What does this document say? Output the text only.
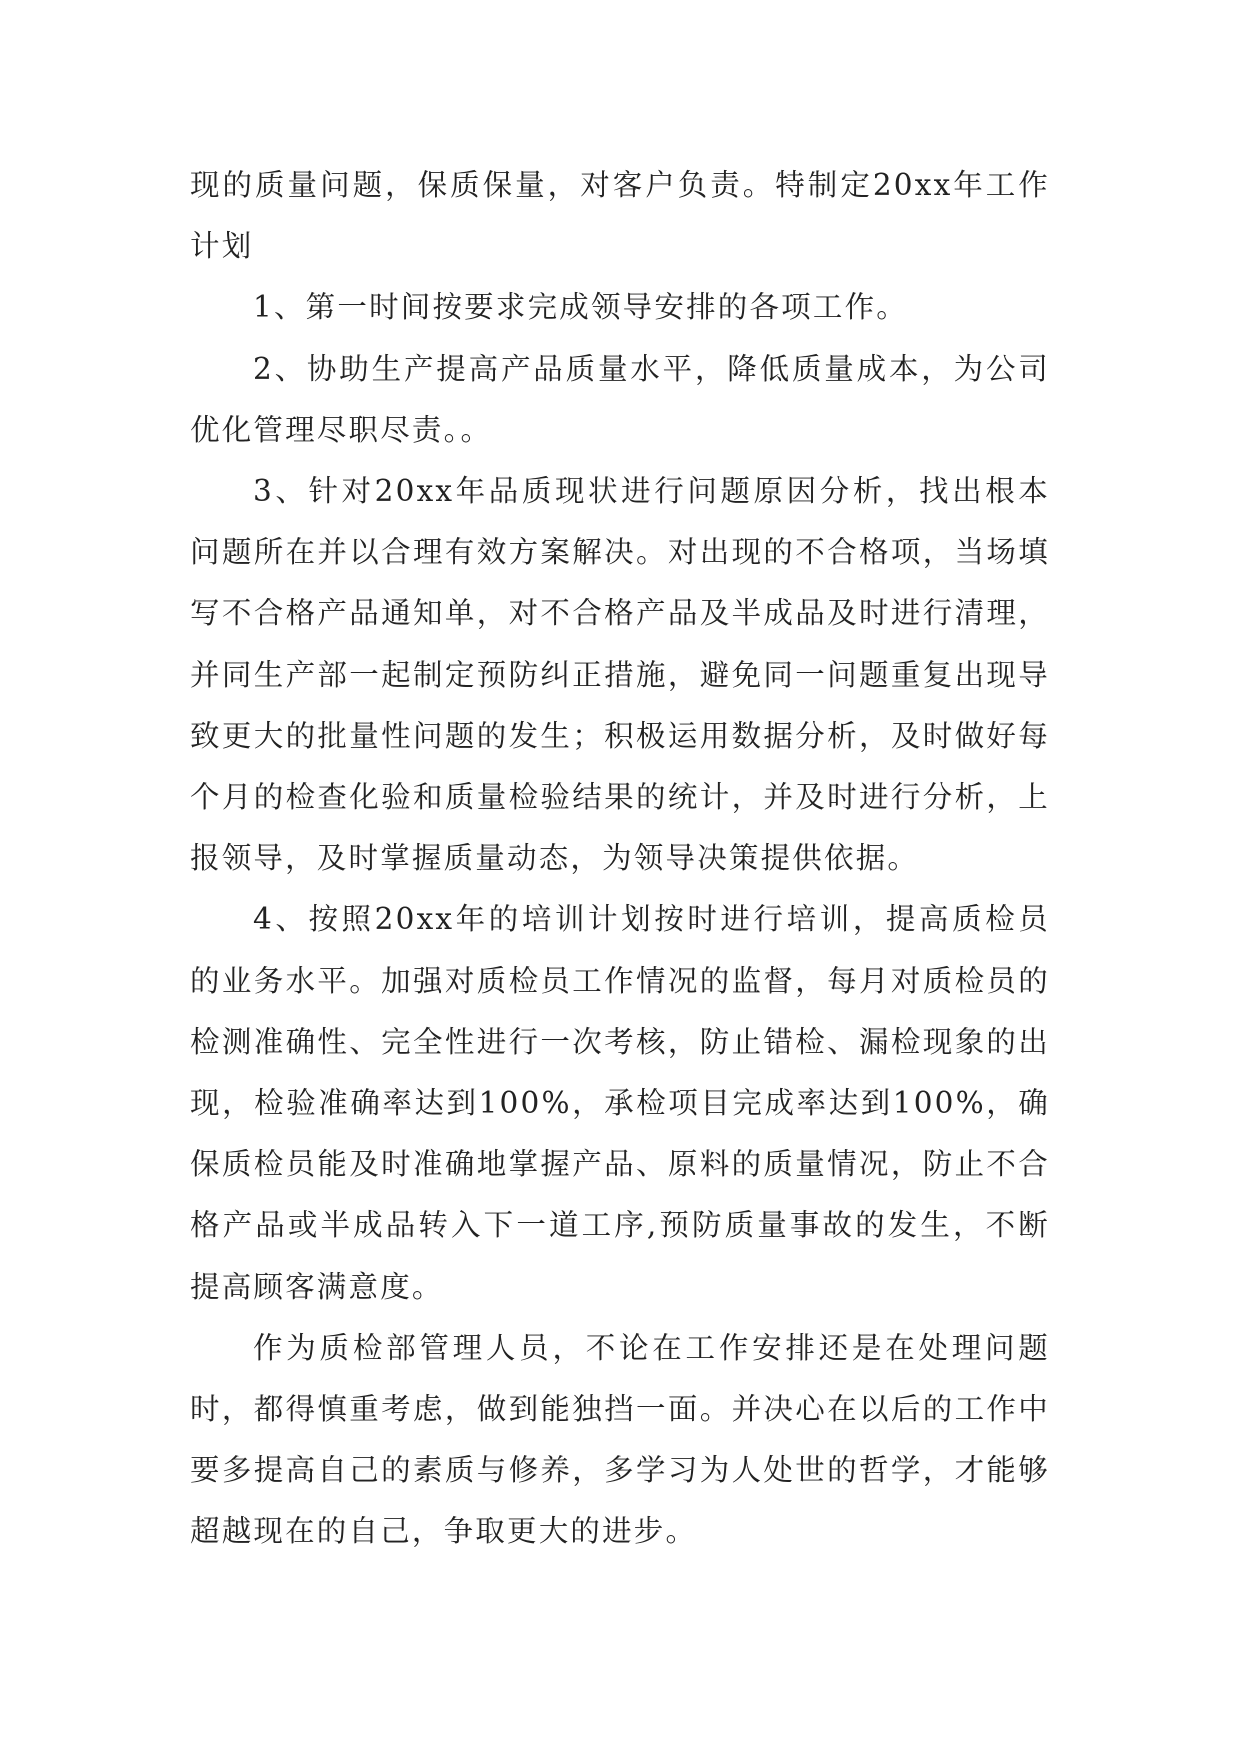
现的质量问题，保质保量，对客户负责。特制定20xx年工作计划

1、第一时间按要求完成领导安排的各项工作。

2、协助生产提高产品质量水平，降低质量成本，为公司优化管理尽职尽责。。

3、针对20xx年品质现状进行问题原因分析，找出根本问题所在并以合理有效方案解决。对出现的不合格项，当场填写不合格产品通知单，对不合格产品及半成品及时进行清理，并同生产部一起制定预防纠正措施，避免同一问题重复出现导致更大的批量性问题的发生；积极运用数据分析，及时做好每个月的检查化验和质量检验结果的统计，并及时进行分析，上报领导，及时掌握质量动态，为领导决策提供依据。

4、按照20xx年的培训计划按时进行培训，提高质检员的业务水平。加强对质检员工作情况的监督，每月对质检员的检测准确性、完全性进行一次考核，防止错检、漏检现象的出现，检验准确率达到100%，承检项目完成率达到100%，确保质检员能及时准确地掌握产品、原料的质量情况，防止不合格产品或半成品转入下一道工序,预防质量事故的发生，不断提高顾客满意度。

作为质检部管理人员，不论在工作安排还是在处理问题时，都得慎重考虑，做到能独挡一面。并决心在以后的工作中要多提高自己的素质与修养，多学习为人处世的哲学，才能够超越现在的自己，争取更大的进步。
